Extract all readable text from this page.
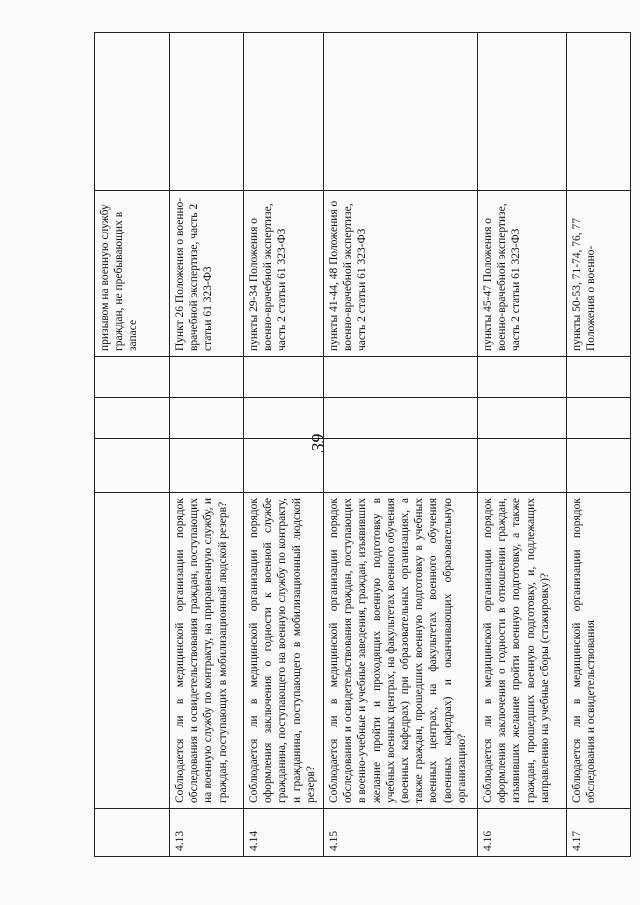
39
					призывом на военную службу граждан, не пребывающих в запасе	
4.13	Соблюдается ли в медицинской организации порядок обследования и освидетельствования граждан, поступающих на военную службу по контракту, на приравненную службу, и граждан, поступающих в мобилизационный людской резерв?				Пункт 26 Положения о военно-врачебной экспертизе, часть 2 статьи 61 323-ФЗ	
4.14	Соблюдается ли в медицинской организации порядок оформления заключения о годности к военной службе гражданина, поступающего на военную службу по контракту, и гражданина, поступающего в мобилизационный людской резерв?				пункты 29-34 Положения о военно-врачебной экспертизе, часть 2 статьи 61 323-ФЗ	
4.15	Соблюдается ли в медицинской организации порядок обследования и освидетельствования граждан, поступающих в военно-учебные и учебные заведения, граждан, изъявивших желание пройти и проходящих военную подготовку в учебных военных центрах, на факультетах военного обучения (военных кафедрах) при образовательных организациях, а также граждан, прошедших военную подготовку в учебных военных центрах, на факультетах военного обучения (военных кафедрах) и оканчивающих образовательную организацию?				пункты 41-44, 48 Положения о военно-врачебной экспертизе, часть 2 статьи 61 323-ФЗ	
4.16	Соблюдается ли в медицинской организации порядок оформления заключения о годности в отношении граждан, изъявивших желание пройти военную подготовку, а также граждан, прошедших военную подготовку, и, подлежащих направлению на учебные сборы (стажировку)?				пункты 45-47 Положения о военно-врачебной экспертизе, часть 2 статьи 61 323-ФЗ	
4.17	Соблюдается ли в медицинской организации порядок обследования и освидетельствования				пункты 50-53, 71-74, 76, 77 Положения о военно-	
